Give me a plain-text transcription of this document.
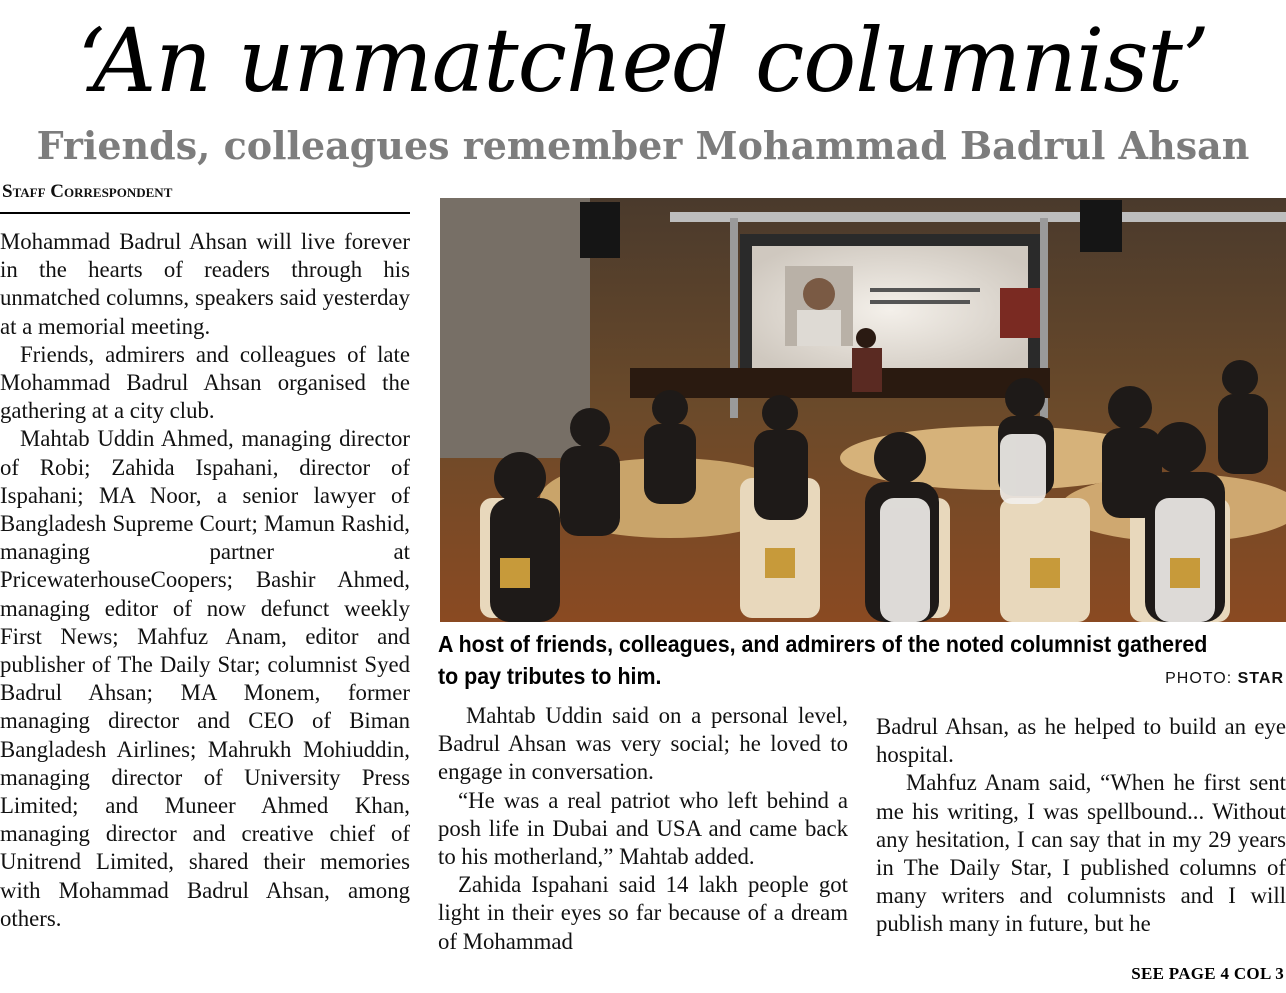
‘An unmatched columnist’
Friends, colleagues remember Mohammad Badrul Ahsan
Staff Correspondent

Mohammad Badrul Ahsan will live forever in the hearts of readers through his unmatched columns, speakers said yesterday at a memorial meeting.

Friends, admirers and colleagues of late Mohammad Badrul Ahsan organised the gathering at a city club.

Mahtab Uddin Ahmed, managing director of Robi; Zahida Ispahani, director of Ispahani; MA Noor, a senior lawyer of Bangladesh Supreme Court; Mamun Rashid, managing partner at PricewaterhouseCoopers; Bashir Ahmed, managing editor of now defunct weekly First News; Mahfuz Anam, editor and publisher of The Daily Star; columnist Syed Badrul Ahsan; MA Monem, former managing director and CEO of Biman Bangladesh Airlines; Mahrukh Mohiuddin, managing director of University Press Limited; and Muneer Ahmed Khan, managing director and creative chief of Unitrend Limited, shared their memories with Mohammad Badrul Ahsan, among others.

A host of friends, colleagues, and admirers of the noted columnist gathered to pay tributes to him.	PHOTO: STAR

Mahtab Uddin said on a personal level, Badrul Ahsan was very social; he loved to engage in conversation.

“He was a real patriot who left behind a posh life in Dubai and USA and came back to his motherland,” Mahtab added.

Zahida Ispahani said 14 lakh people got light in their eyes so far because of a dream of Mohammad

Badrul Ahsan, as he helped to build an eye hospital.

Mahfuz Anam said, “When he first sent me his writing, I was spellbound... Without any hesitation, I can say that in my 29 years in The Daily Star, I published columns of many writers and columnists and I will publish many in future, but he

SEE PAGE 4 COL 3
